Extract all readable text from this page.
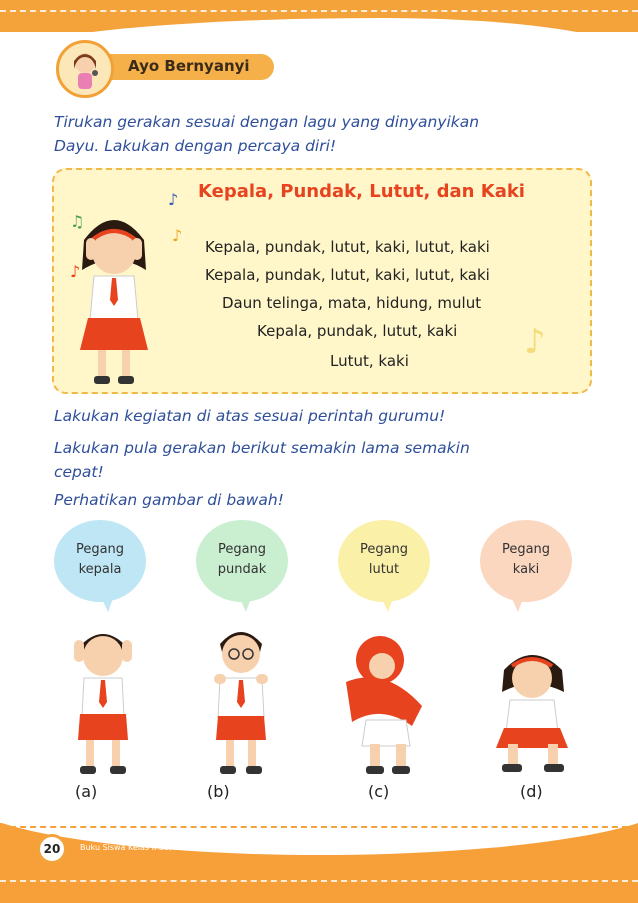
Ayo Bernyanyi
Tirukan gerakan sesuai dengan lagu yang dinyanyikan
Dayu. Lakukan dengan percaya diri!
♪
♪
♫
♪
♪
Kepala, Pundak, Lutut, dan Kaki
Kepala, pundak, lutut, kaki, lutut, kaki
Kepala, pundak, lutut, kaki, lutut, kaki
Daun telinga, mata, hidung, mulut
Kepala, pundak, lutut, kaki
Lutut, kaki
Lakukan kegiatan di atas sesuai perintah gurumu!
Lakukan pula gerakan berikut semakin lama semakin
cepat!
Perhatikan gambar di bawah!
Pegang
kepala
Pegang
pundak
Pegang
lutut
Pegang
kaki
(a)	(b)	(c)	(d)
20	Buku Siswa Kelas II SD/MI
